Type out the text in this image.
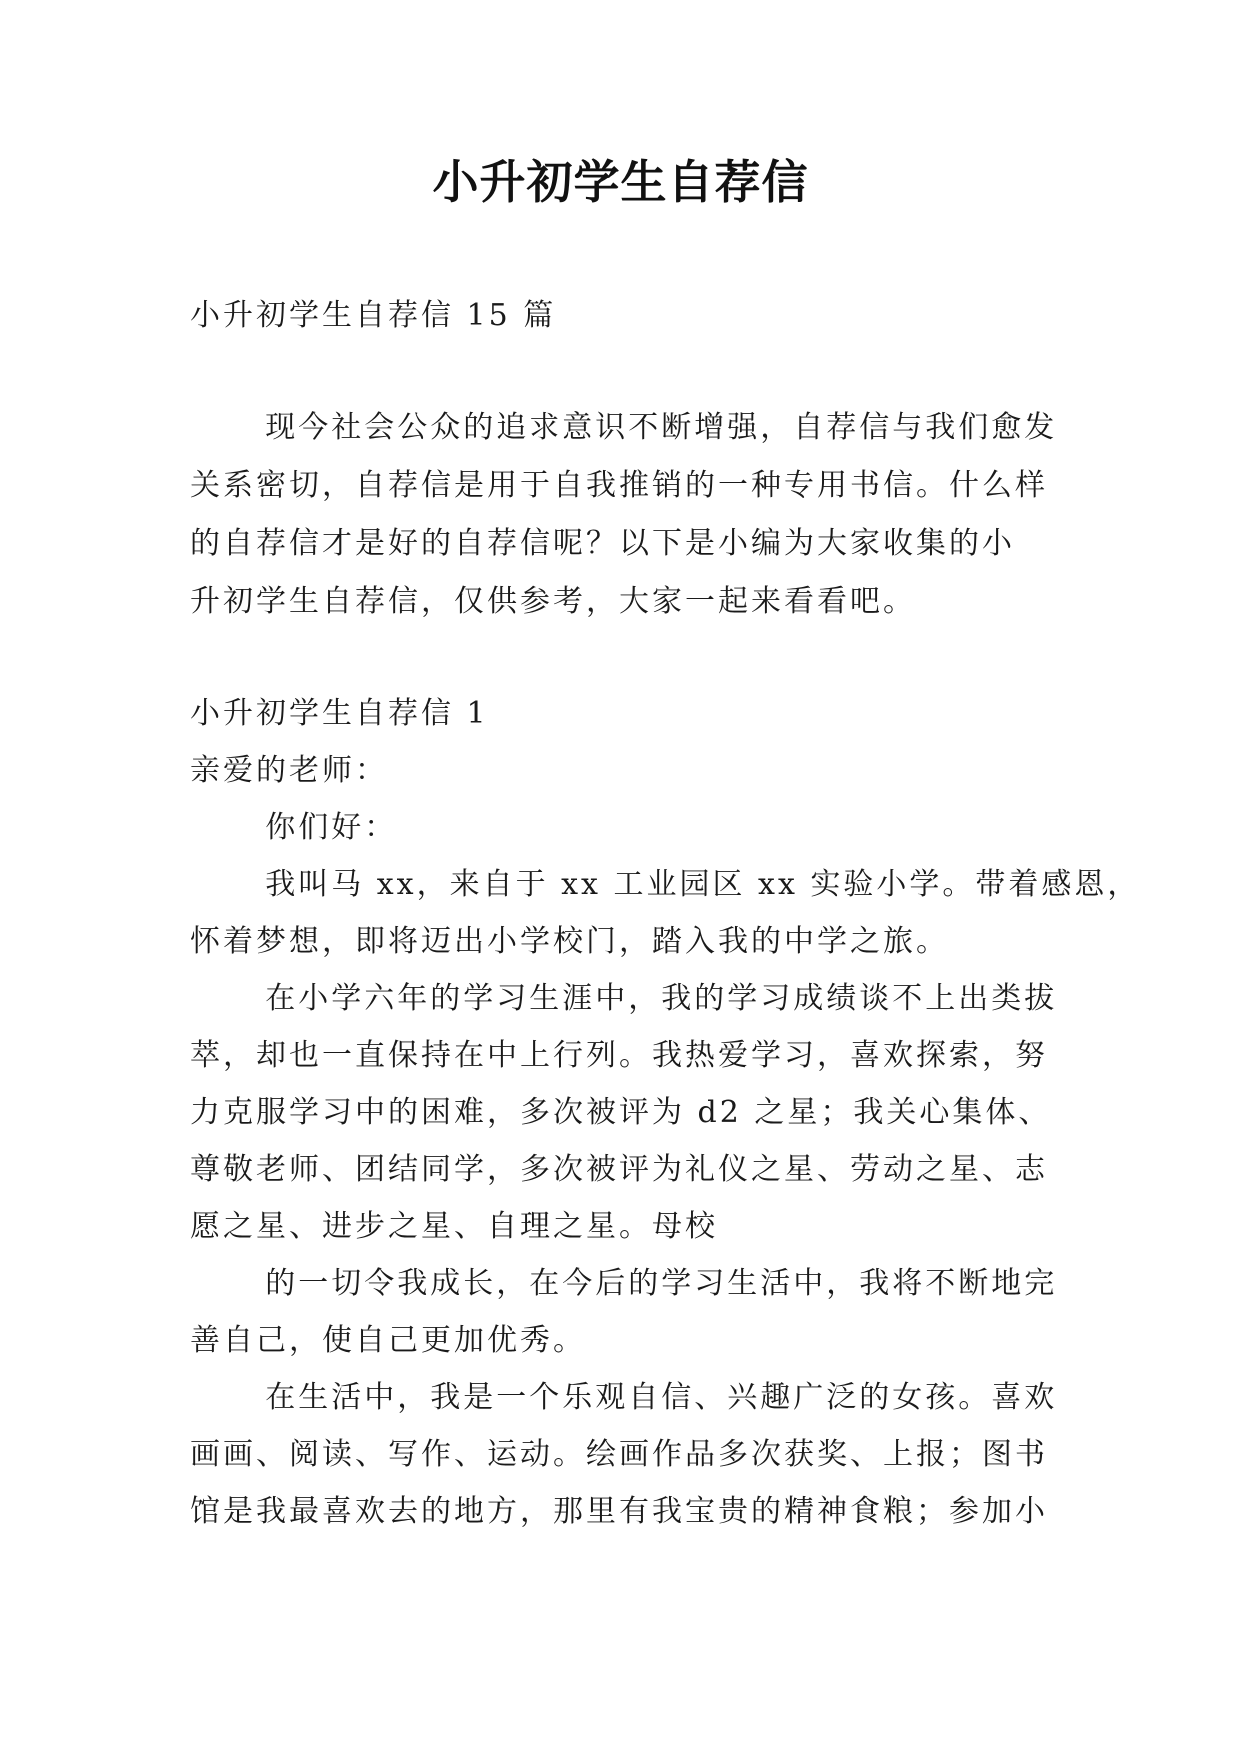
小升初学生自荐信
小升初学生自荐信 15 篇
现今社会公众的追求意识不断增强，自荐信与我们愈发
关系密切，自荐信是用于自我推销的一种专用书信。什么样
的自荐信才是好的自荐信呢？以下是小编为大家收集的小
升初学生自荐信，仅供参考，大家一起来看看吧。
小升初学生自荐信 1
亲爱的老师：
你们好：
我叫马 xx，来自于 xx 工业园区 xx 实验小学。带着感恩，
怀着梦想，即将迈出小学校门，踏入我的中学之旅。
在小学六年的学习生涯中，我的学习成绩谈不上出类拔
萃，却也一直保持在中上行列。我热爱学习，喜欢探索，努
力克服学习中的困难，多次被评为 d2 之星；我关心集体、
尊敬老师、团结同学，多次被评为礼仪之星、劳动之星、志
愿之星、进步之星、自理之星。母校
的一切令我成长，在今后的学习生活中，我将不断地完
善自己，使自己更加优秀。
在生活中，我是一个乐观自信、兴趣广泛的女孩。喜欢
画画、阅读、写作、运动。绘画作品多次获奖、上报；图书
馆是我最喜欢去的地方，那里有我宝贵的精神食粮；参加小
